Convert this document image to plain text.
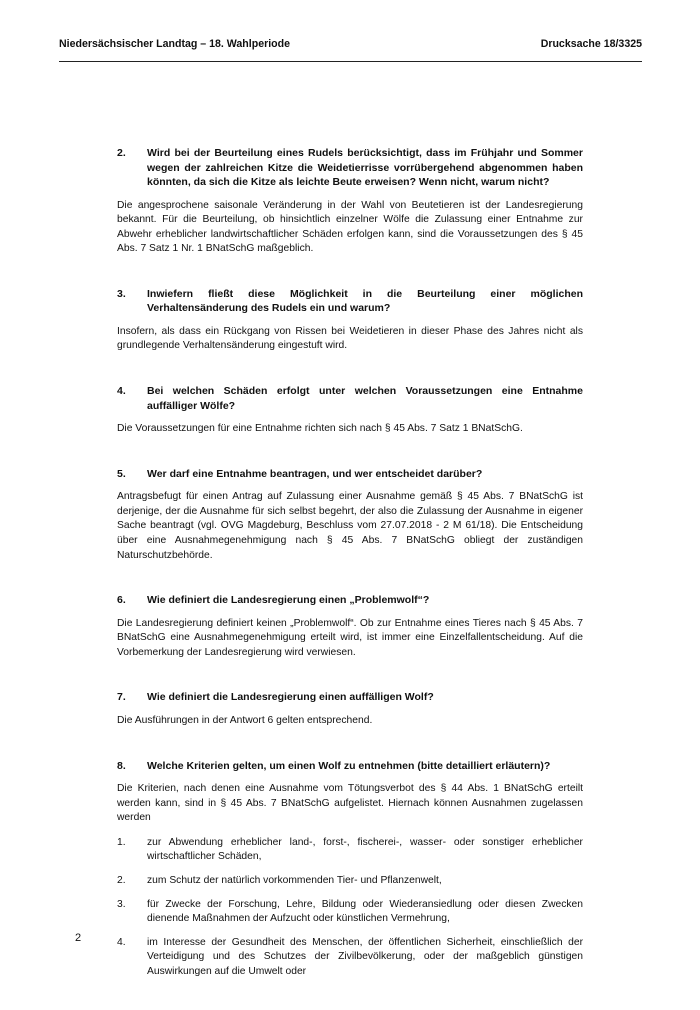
Niedersächsischer Landtag – 18. Wahlperiode	Drucksache 18/3325
2.	Wird bei der Beurteilung eines Rudels berücksichtigt, dass im Frühjahr und Sommer wegen der zahlreichen Kitze die Weidetierrisse vorrübergehend abgenommen haben könnten, da sich die Kitze als leichte Beute erweisen? Wenn nicht, warum nicht?

Die angesprochene saisonale Veränderung in der Wahl von Beutetieren ist der Landesregierung bekannt. Für die Beurteilung, ob hinsichtlich einzelner Wölfe die Zulassung einer Entnahme zur Abwehr erheblicher landwirtschaftlicher Schäden erfolgen kann, sind die Voraussetzungen des § 45 Abs. 7 Satz 1 Nr. 1 BNatSchG maßgeblich.

3.	Inwiefern fließt diese Möglichkeit in die Beurteilung einer möglichen Verhaltensänderung des Rudels ein und warum?

Insofern, als dass ein Rückgang von Rissen bei Weidetieren in dieser Phase des Jahres nicht als grundlegende Verhaltensänderung eingestuft wird.

4.	Bei welchen Schäden erfolgt unter welchen Voraussetzungen eine Entnahme auffälliger Wölfe?

Die Voraussetzungen für eine Entnahme richten sich nach § 45 Abs. 7 Satz 1 BNatSchG.

5.	Wer darf eine Entnahme beantragen, und wer entscheidet darüber?

Antragsbefugt für einen Antrag auf Zulassung einer Ausnahme gemäß § 45 Abs. 7 BNatSchG ist derjenige, der die Ausnahme für sich selbst begehrt, der also die Zulassung der Ausnahme in eigener Sache beantragt (vgl. OVG Magdeburg, Beschluss vom 27.07.2018 - 2 M 61/18). Die Entscheidung über eine Ausnahmegenehmigung nach § 45 Abs. 7 BNatSchG obliegt der zuständigen Naturschutzbehörde.

6.	Wie definiert die Landesregierung einen „Problemwolf“?

Die Landesregierung definiert keinen „Problemwolf“. Ob zur Entnahme eines Tieres nach § 45 Abs. 7 BNatSchG eine Ausnahmegenehmigung erteilt wird, ist immer eine Einzelfallentscheidung. Auf die Vorbemerkung der Landesregierung wird verwiesen.

7.	Wie definiert die Landesregierung einen auffälligen Wolf?

Die Ausführungen in der Antwort 6 gelten entsprechend.

8.	Welche Kriterien gelten, um einen Wolf zu entnehmen (bitte detailliert erläutern)?

Die Kriterien, nach denen eine Ausnahme vom Tötungsverbot des § 44 Abs. 1 BNatSchG erteilt werden kann, sind in § 45 Abs. 7 BNatSchG aufgelistet. Hiernach können Ausnahmen zugelassen werden

1.	zur Abwendung erheblicher land-, forst-, fischerei-, wasser- oder sonstiger erheblicher wirtschaftlicher Schäden,
2.	zum Schutz der natürlich vorkommenden Tier- und Pflanzenwelt,
3.	für Zwecke der Forschung, Lehre, Bildung oder Wiederansiedlung oder diesen Zwecken dienende Maßnahmen der Aufzucht oder künstlichen Vermehrung,
4.	im Interesse der Gesundheit des Menschen, der öffentlichen Sicherheit, einschließlich der Verteidigung und des Schutzes der Zivilbevölkerung, oder der maßgeblich günstigen Auswirkungen auf die Umwelt oder
2
